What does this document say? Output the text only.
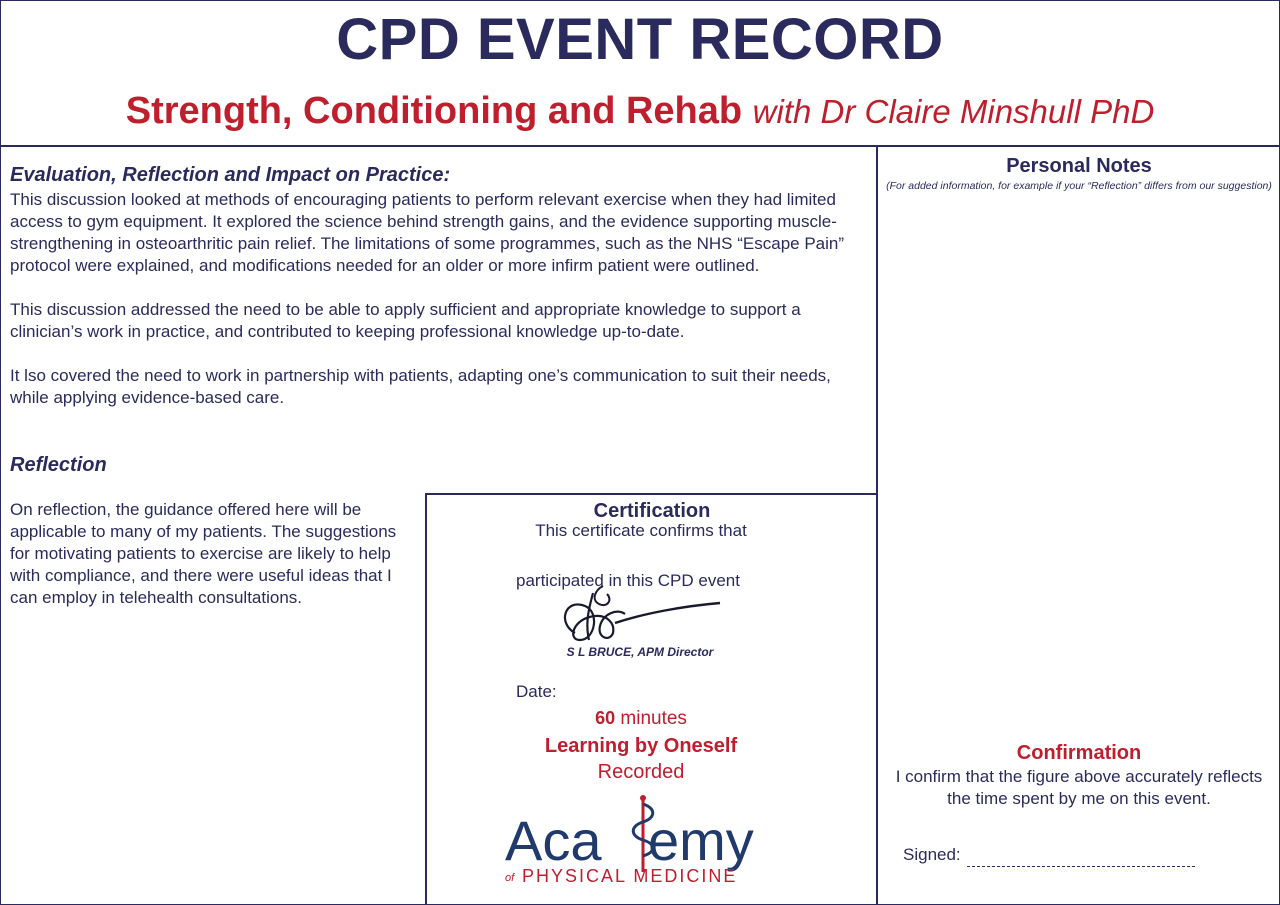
CPD EVENT RECORD
Strength, Conditioning and Rehab with Dr Claire Minshull PhD
Evaluation, Reflection and Impact on Practice:

This discussion looked at methods of encouraging patients to perform relevant exercise when they had limited access to gym equipment. It explored the science behind strength gains, and the evidence supporting muscle-strengthening in osteoarthritic pain relief. The limitations of some programmes, such as the NHS “Escape Pain” protocol were explained, and modifications needed for an older or more infirm patient were outlined.

This discussion addressed the need to be able to apply sufficient and appropriate knowledge to support a clinician’s work in practice, and contributed to keeping professional knowledge up-to-date.

It lso covered the need to work in partnership with patients, adapting one’s communication to suit their needs, while applying evidence-based care.

Reflection

On reflection, the guidance offered here will be applicable to many of my patients. The suggestions for motivating patients to exercise are likely to help with compliance, and there were useful ideas that I can employ in telehealth consultations.

Certification
This certificate confirms that
participated in this CPD event
S L BRUCE, APM Director
Date:
60 minutes
Learning by Oneself
Recorded
Aca emy
of PHYSICAL MEDICINE
Personal Notes
(For added information, for example if your “Reflection” differs from our suggestion)
Confirmation
I confirm that the figure above accurately reflects the time spent by me on this event.
Signed:
